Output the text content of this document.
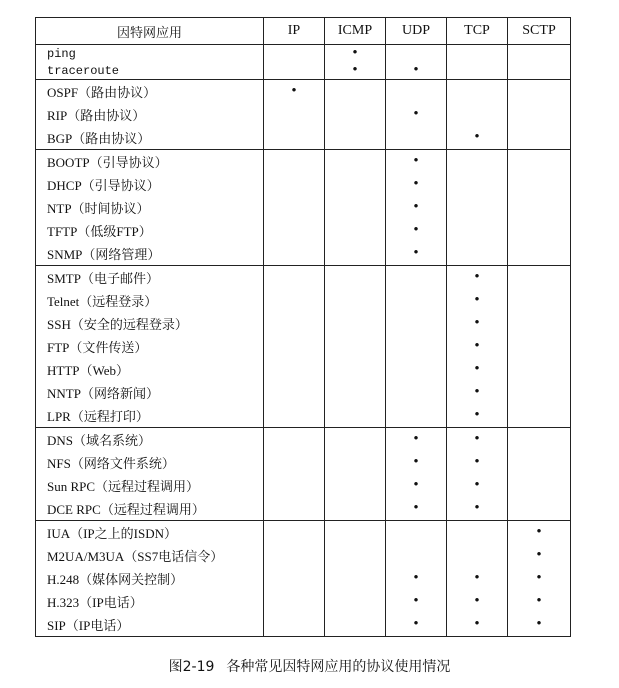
因特网应用	IP	ICMP	UDP	TCP	SCTP
ping		•			
traceroute		•	•		
OSPF（路由协议）	•				
RIP（路由协议）			•		
BGP（路由协议）				•	
BOOTP（引导协议）			•		
DHCP（引导协议）			•		
NTP（时间协议）			•		
TFTP（低级FTP）			•		
SNMP（网络管理）			•		
SMTP（电子邮件）				•	
Telnet（远程登录）				•	
SSH（安全的远程登录）				•	
FTP（文件传送）				•	
HTTP（Web）				•	
NNTP（网络新闻）				•	
LPR（远程打印）				•	
DNS（域名系统）			•	•	
NFS（网络文件系统）			•	•	
Sun RPC（远程过程调用）			•	•	
DCE RPC（远程过程调用）			•	•	
IUA（IP之上的ISDN）					•
M2UA/M3UA（SS7电话信令）					•
H.248（媒体网关控制）			•	•	•
H.323（IP电话）			•	•	•
SIP（IP电话）			•	•	•
图2-19 各种常见因特网应用的协议使用情况
